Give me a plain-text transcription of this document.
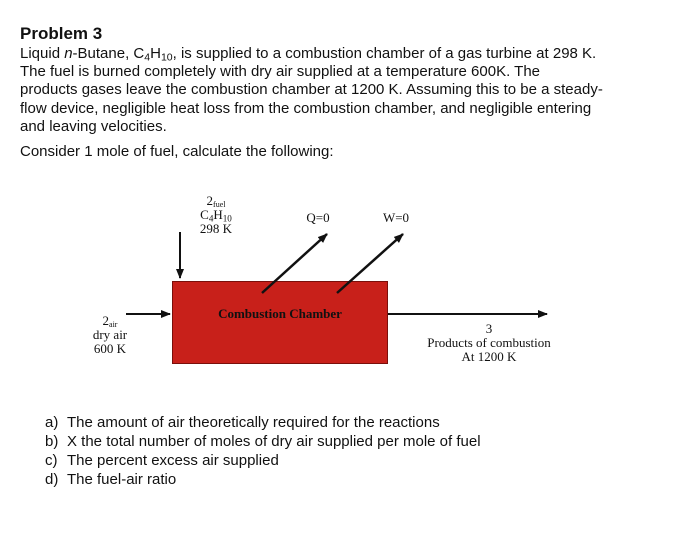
Problem 3

Liquid n-Butane, $C_4H_{10}$, is supplied to a combustion chamber of a gas turbine at 298 K.
The fuel is burned completely with dry air supplied at a temperature 600K. The
products gases leave the combustion chamber at 1200 K. Assuming this to be a steady-
flow device, negligible heat loss from the combustion chamber, and negligible entering
and leaving velocities.

Consider 1 mole of fuel, calculate the following:
Combustion Chamber
$2_{fuel}$
$C_4H_{10}$
298 K
Q=0	W=0
$2_{air}$
dry air
600 K
3
Products of combustion
At 1200 K
a) The amount of air theoretically required for the reactions
b) X the total number of moles of dry air supplied per mole of fuel
c) The percent excess air supplied
d) The fuel-air ratio
